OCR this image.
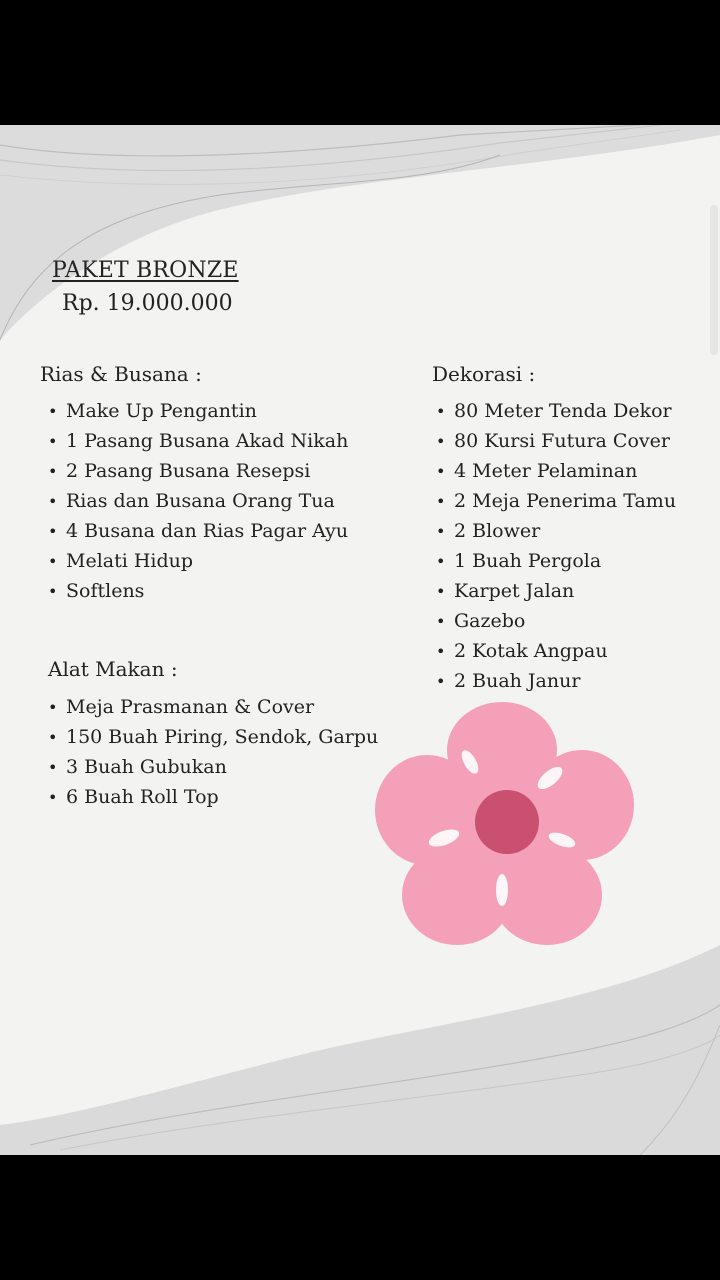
PAKET BRONZE
Rp. 19.000.000
Rias & Busana :
• Make Up Pengantin
• 1 Pasang Busana Akad Nikah
• 2 Pasang Busana Resepsi
• Rias dan Busana Orang Tua
• 4 Busana dan Rias Pagar Ayu
• Melati Hidup
• Softlens
Alat Makan :
• Meja Prasmanan & Cover
• 150 Buah Piring, Sendok, Garpu
• 3 Buah Gubukan
• 6 Buah Roll Top
Dekorasi :
• 80 Meter Tenda Dekor
• 80 Kursi Futura Cover
• 4 Meter Pelaminan
• 2 Meja Penerima Tamu
• 2 Blower
• 1 Buah Pergola
• Karpet Jalan
• Gazebo
• 2 Kotak Angpau
• 2 Buah Janur
